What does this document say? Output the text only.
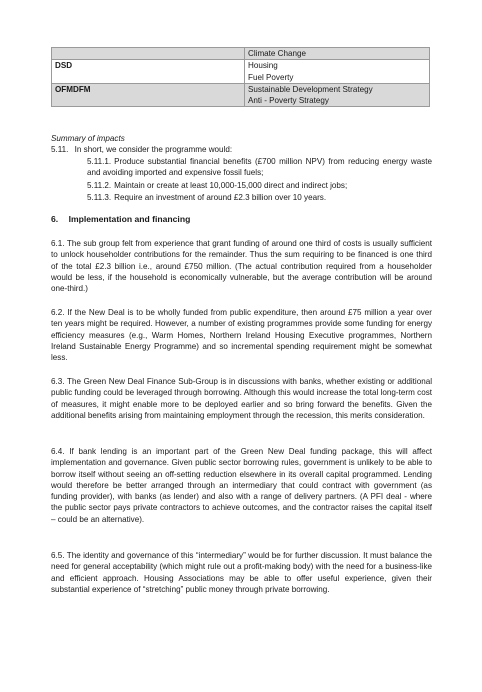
	Climate Change

DSD	Housing
Fuel Poverty

OFMDFM	Sustainable Development Strategy
Anti - Poverty Strategy

Summary of impacts

5.11. In short, we consider the programme would:

5.11.1. Produce substantial financial benefits (£700 million NPV) from reducing energy waste and avoiding imported and expensive fossil fuels;

5.11.2. Maintain or create at least 10,000-15,000 direct and indirect jobs;

5.11.3. Require an investment of around £2.3 billion over 10 years.

6. Implementation and financing

6.1. The sub group felt from experience that grant funding of around one third of costs is usually sufficient to unlock householder contributions for the remainder. Thus the sum requiring to be financed is one third of the total £2.3 billion i.e., around £750 million. (The actual contribution required from a householder would be less, if the household is economically vulnerable, but the average contribution will be around one-third.)

6.2. If the New Deal is to be wholly funded from public expenditure, then around £75 million a year over ten years might be required. However, a number of existing programmes provide some funding for energy efficiency measures (e.g., Warm Homes, Northern Ireland Housing Executive programmes, Northern Ireland Sustainable Energy Programme) and so incremental spending requirement might be somewhat less.

6.3. The Green New Deal Finance Sub-Group is in discussions with banks, whether existing or additional public funding could be leveraged through borrowing. Although this would increase the total long-term cost of measures, it might enable more to be deployed earlier and so bring forward the benefits. Given the additional benefits arising from maintaining employment through the recession, this merits consideration.

6.4. If bank lending is an important part of the Green New Deal funding package, this will affect implementation and governance. Given public sector borrowing rules, government is unlikely to be able to borrow itself without seeing an off-setting reduction elsewhere in its overall capital programmed. Lending would therefore be better arranged through an intermediary that could contract with government (as funding provider), with banks (as lender) and also with a range of delivery partners. (A PFI deal - where the public sector pays private contractors to achieve outcomes, and the contractor raises the capital itself – could be an alternative).

6.5. The identity and governance of this “intermediary” would be for further discussion. It must balance the need for general acceptability (which might rule out a profit-making body) with the need for a business-like and efficient approach. Housing Associations may be able to offer useful experience, given their substantial experience of “stretching” public money through private borrowing.
